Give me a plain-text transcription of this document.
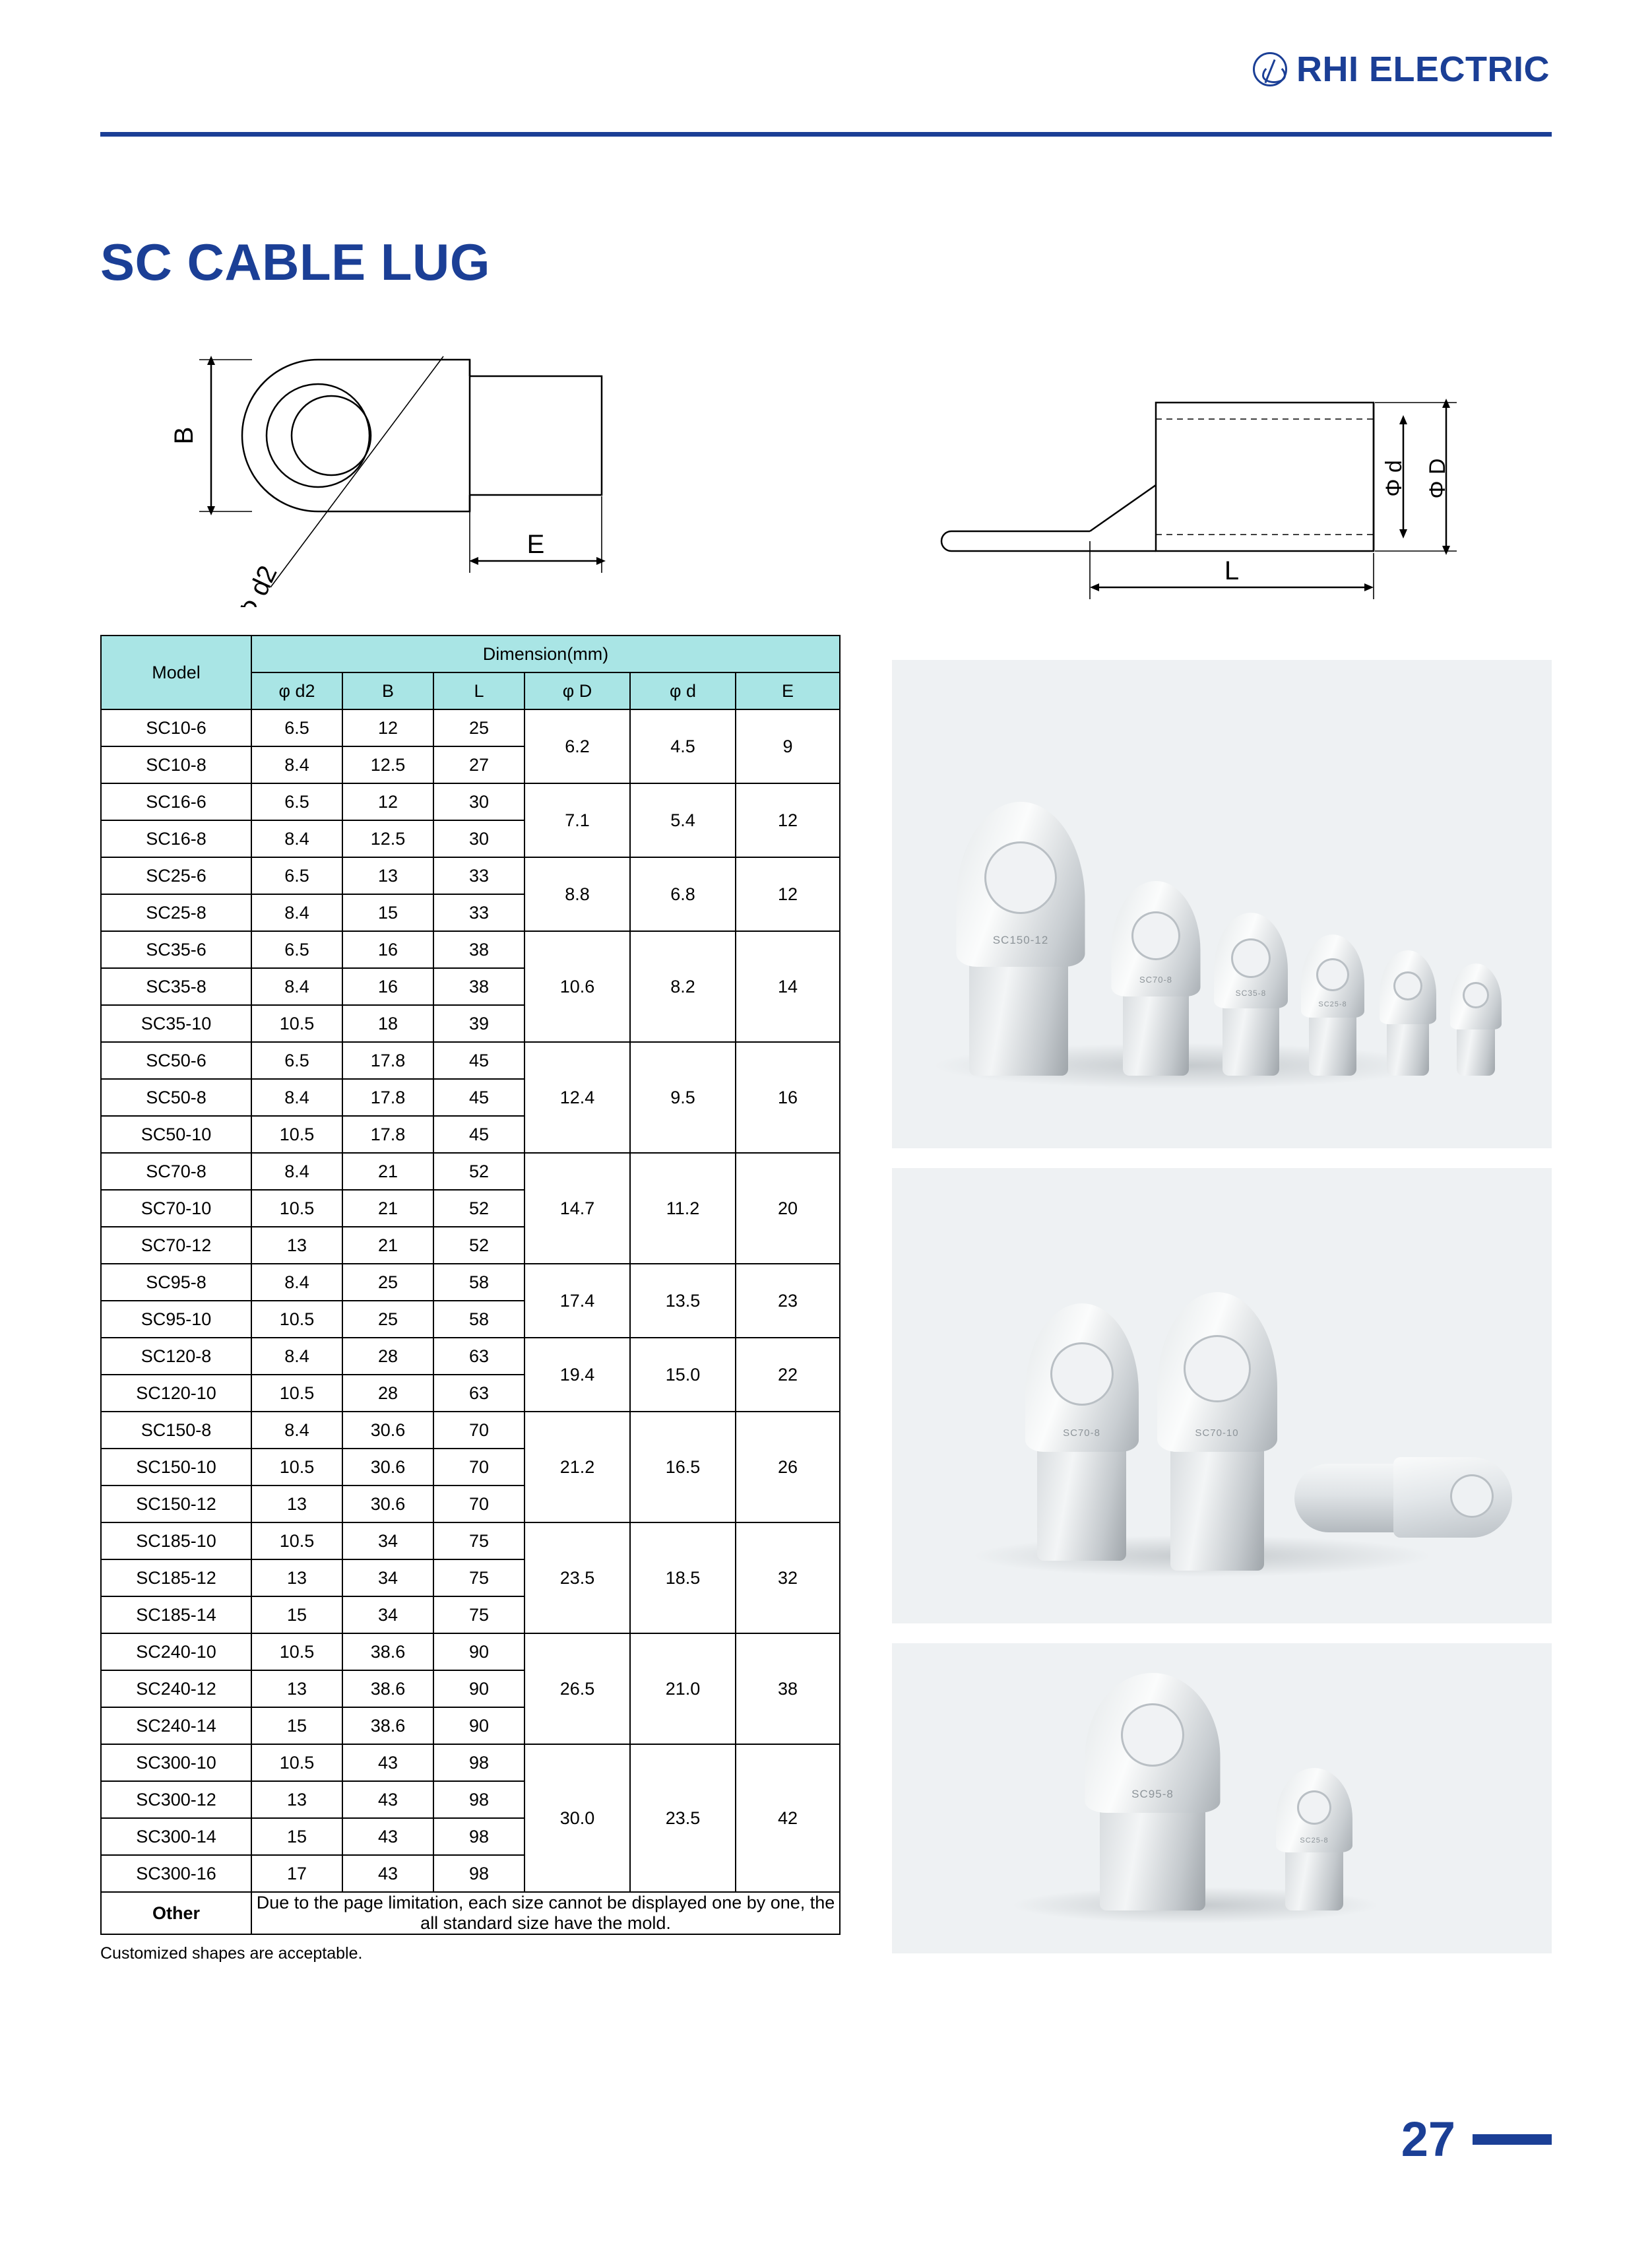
RHI ELECTRIC
SC CABLE LUG
B
Φ d2
E
Φ d Φ D
L
Model	Dimension(mm)					
	φ d2	B	L	φ D	φ d	E
SC10-6	6.5	12	25	6.2	4.5	9
SC10-8	8.4	12.5	27			
SC16-6	6.5	12	30	7.1	5.4	12
SC16-8	8.4	12.5	30			
SC25-6	6.5	13	33	8.8	6.8	12
SC25-8	8.4	15	33			
SC35-6	6.5	16	38	10.6	8.2	14
SC35-8	8.4	16	38			
SC35-10	10.5	18	39			
SC50-6	6.5	17.8	45	12.4	9.5	16
SC50-8	8.4	17.8	45			
SC50-10	10.5	17.8	45			
SC70-8	8.4	21	52	14.7	11.2	20
SC70-10	10.5	21	52			
SC70-12	13	21	52			
SC95-8	8.4	25	58	17.4	13.5	23
SC95-10	10.5	25	58			
SC120-8	8.4	28	63	19.4	15.0	22
SC120-10	10.5	28	63			
SC150-8	8.4	30.6	70	21.2	16.5	26
SC150-10	10.5	30.6	70			
SC150-12	13	30.6	70			
SC185-10	10.5	34	75	23.5	18.5	32
SC185-12	13	34	75			
SC185-14	15	34	75			
SC240-10	10.5	38.6	90	26.5	21.0	38
SC240-12	13	38.6	90			
SC240-14	15	38.6	90			
SC300-10	10.5	43	98	30.0	23.5	42
SC300-12	13	43	98			
SC300-14	15	43	98			
SC300-16	17	43	98			
Other	Due to the page limitation, each size cannot be displayed one by one, the all standard size have the mold.					
Customized shapes are acceptable.
SC150-12
SC70-8
SC35-8
SC25-8
SC70-8	SC70-10
SC95-8
SC25-8
27
